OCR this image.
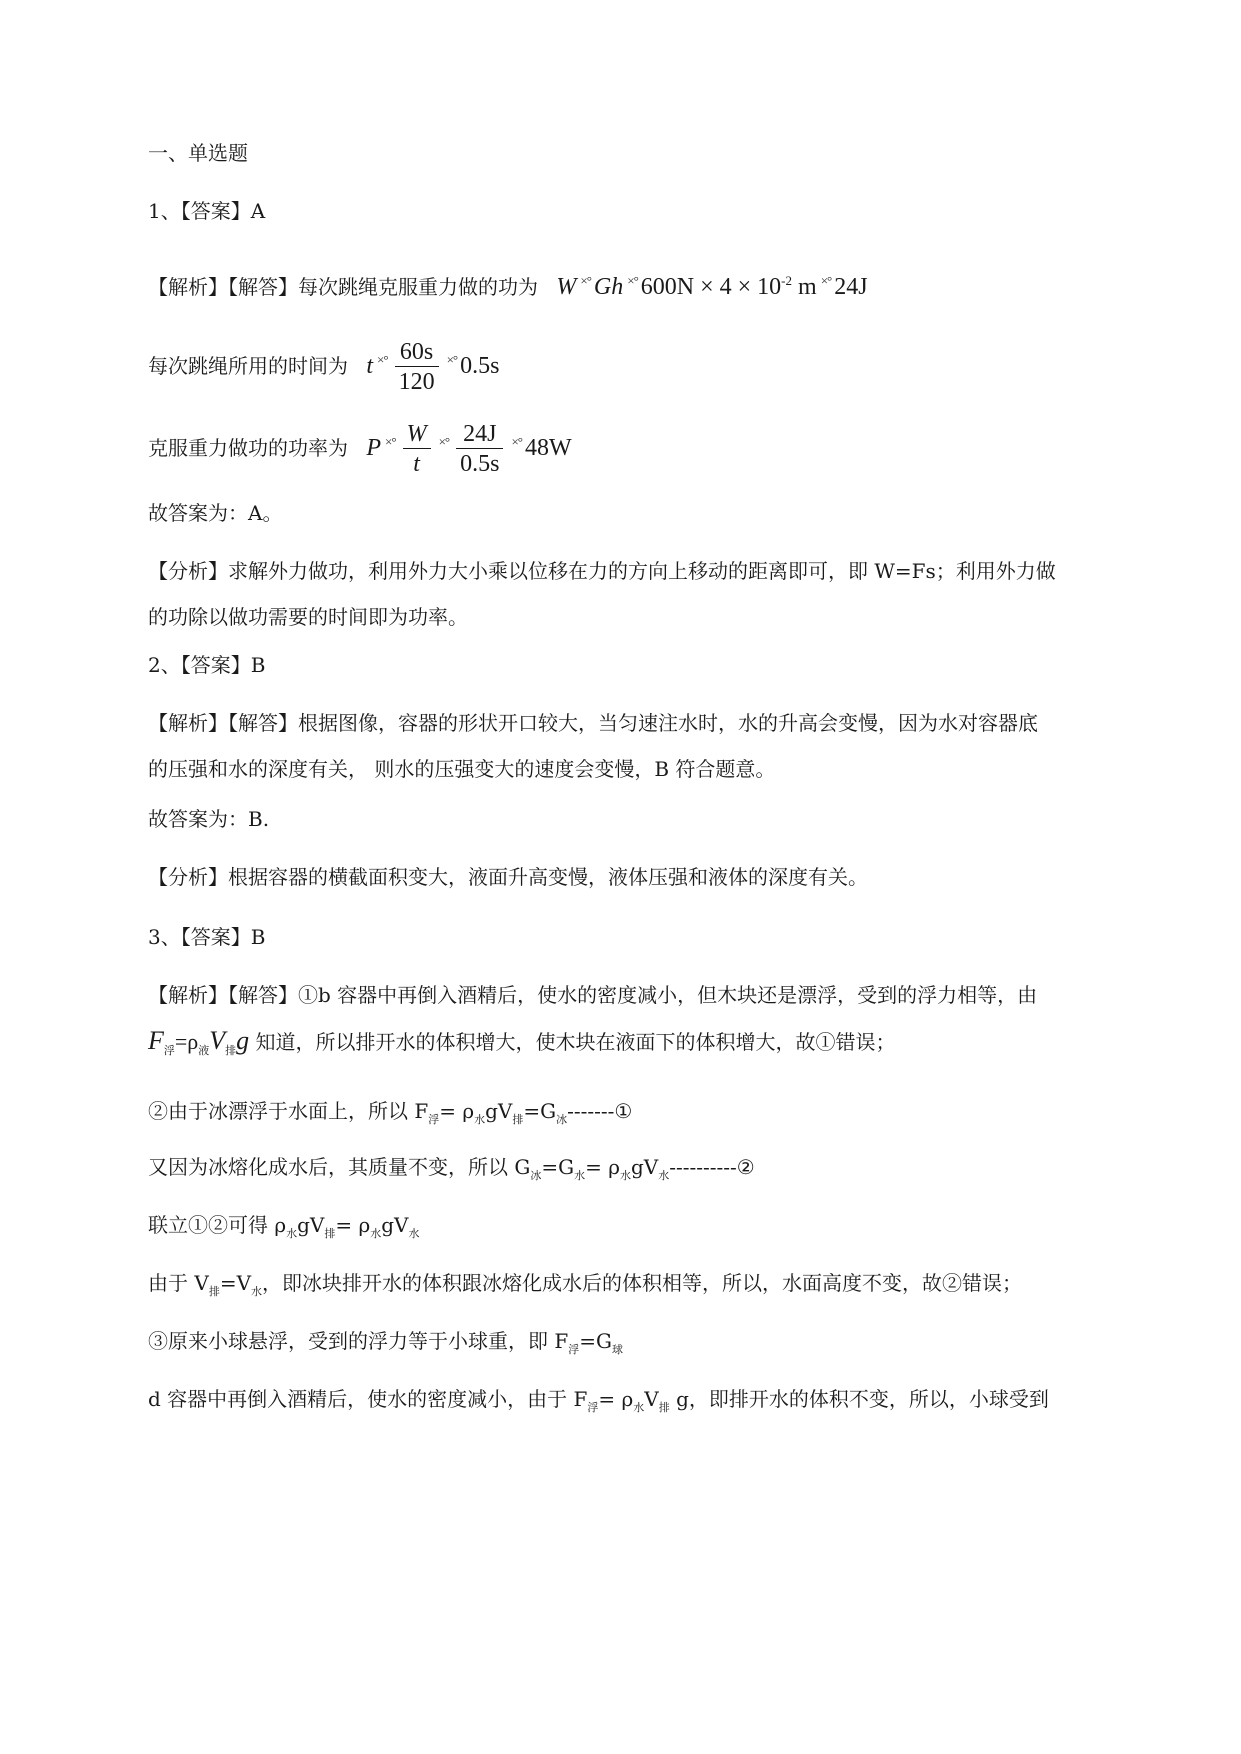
一、单选题
1、【答案】A
【解析】【解答】每次跳绳克服重力做的功为 W ×° Gh ×° $600N \times 4 \times 10^{-2}$ m ×° 24J
每次跳绳所用的时间为 t $^{\times^\circ} \frac{60s}{120} ^{\times^\circ}$ 0.5s
克服重力做功的功率为 P $^{\times^\circ} \frac{W}{t} ^{\times^\circ} \frac{24J}{0.5s} ^{\times^\circ}$ 48W
故答案为：A。
【分析】求解外力做功，利用外力大小乘以位移在力的方向上移动的距离即可，即 W=Fs；利用外力做
的功除以做功需要的时间即为功率。
2、【答案】B
【解析】【解答】根据图像，容器的形状开口较大，当匀速注水时，水的升高会变慢，因为水对容器底
的压强和水的深度有关， 则水的压强变大的速度会变慢，B 符合题意。
故答案为：B.
【分析】根据容器的横截面积变大，液面升高变慢，液体压强和液体的深度有关。
3、【答案】B
【解析】【解答】①b 容器中再倒入酒精后，使水的密度减小，但木块还是漂浮，受到的浮力相等，由
$F_浮=\rho_液V_排g$ 知道，所以排开水的体积增大，使木块在液面下的体积增大，故①错误；
②由于冰漂浮于水面上，所以 $F_浮=$ $\rho_水gV_排=G_冰-------①$
又因为冰熔化成水后，其质量不变，所以 $G_冰=G_水=$ $\rho_水gV_水----------②$
联立①②可得 $\rho_水gV_排= \rho_水gV_水$
由于 $V_排=V_水$，即冰块排开水的体积跟冰熔化成水后的体积相等，所以，水面高度不变，故②错误；
③原来小球悬浮，受到的浮力等于小球重，即 $F_浮=G_球$
d 容器中再倒入酒精后，使水的密度减小，由于 $F_浮= \rho_水V_排$ g，即排开水的体积不变，所以，小球受到
